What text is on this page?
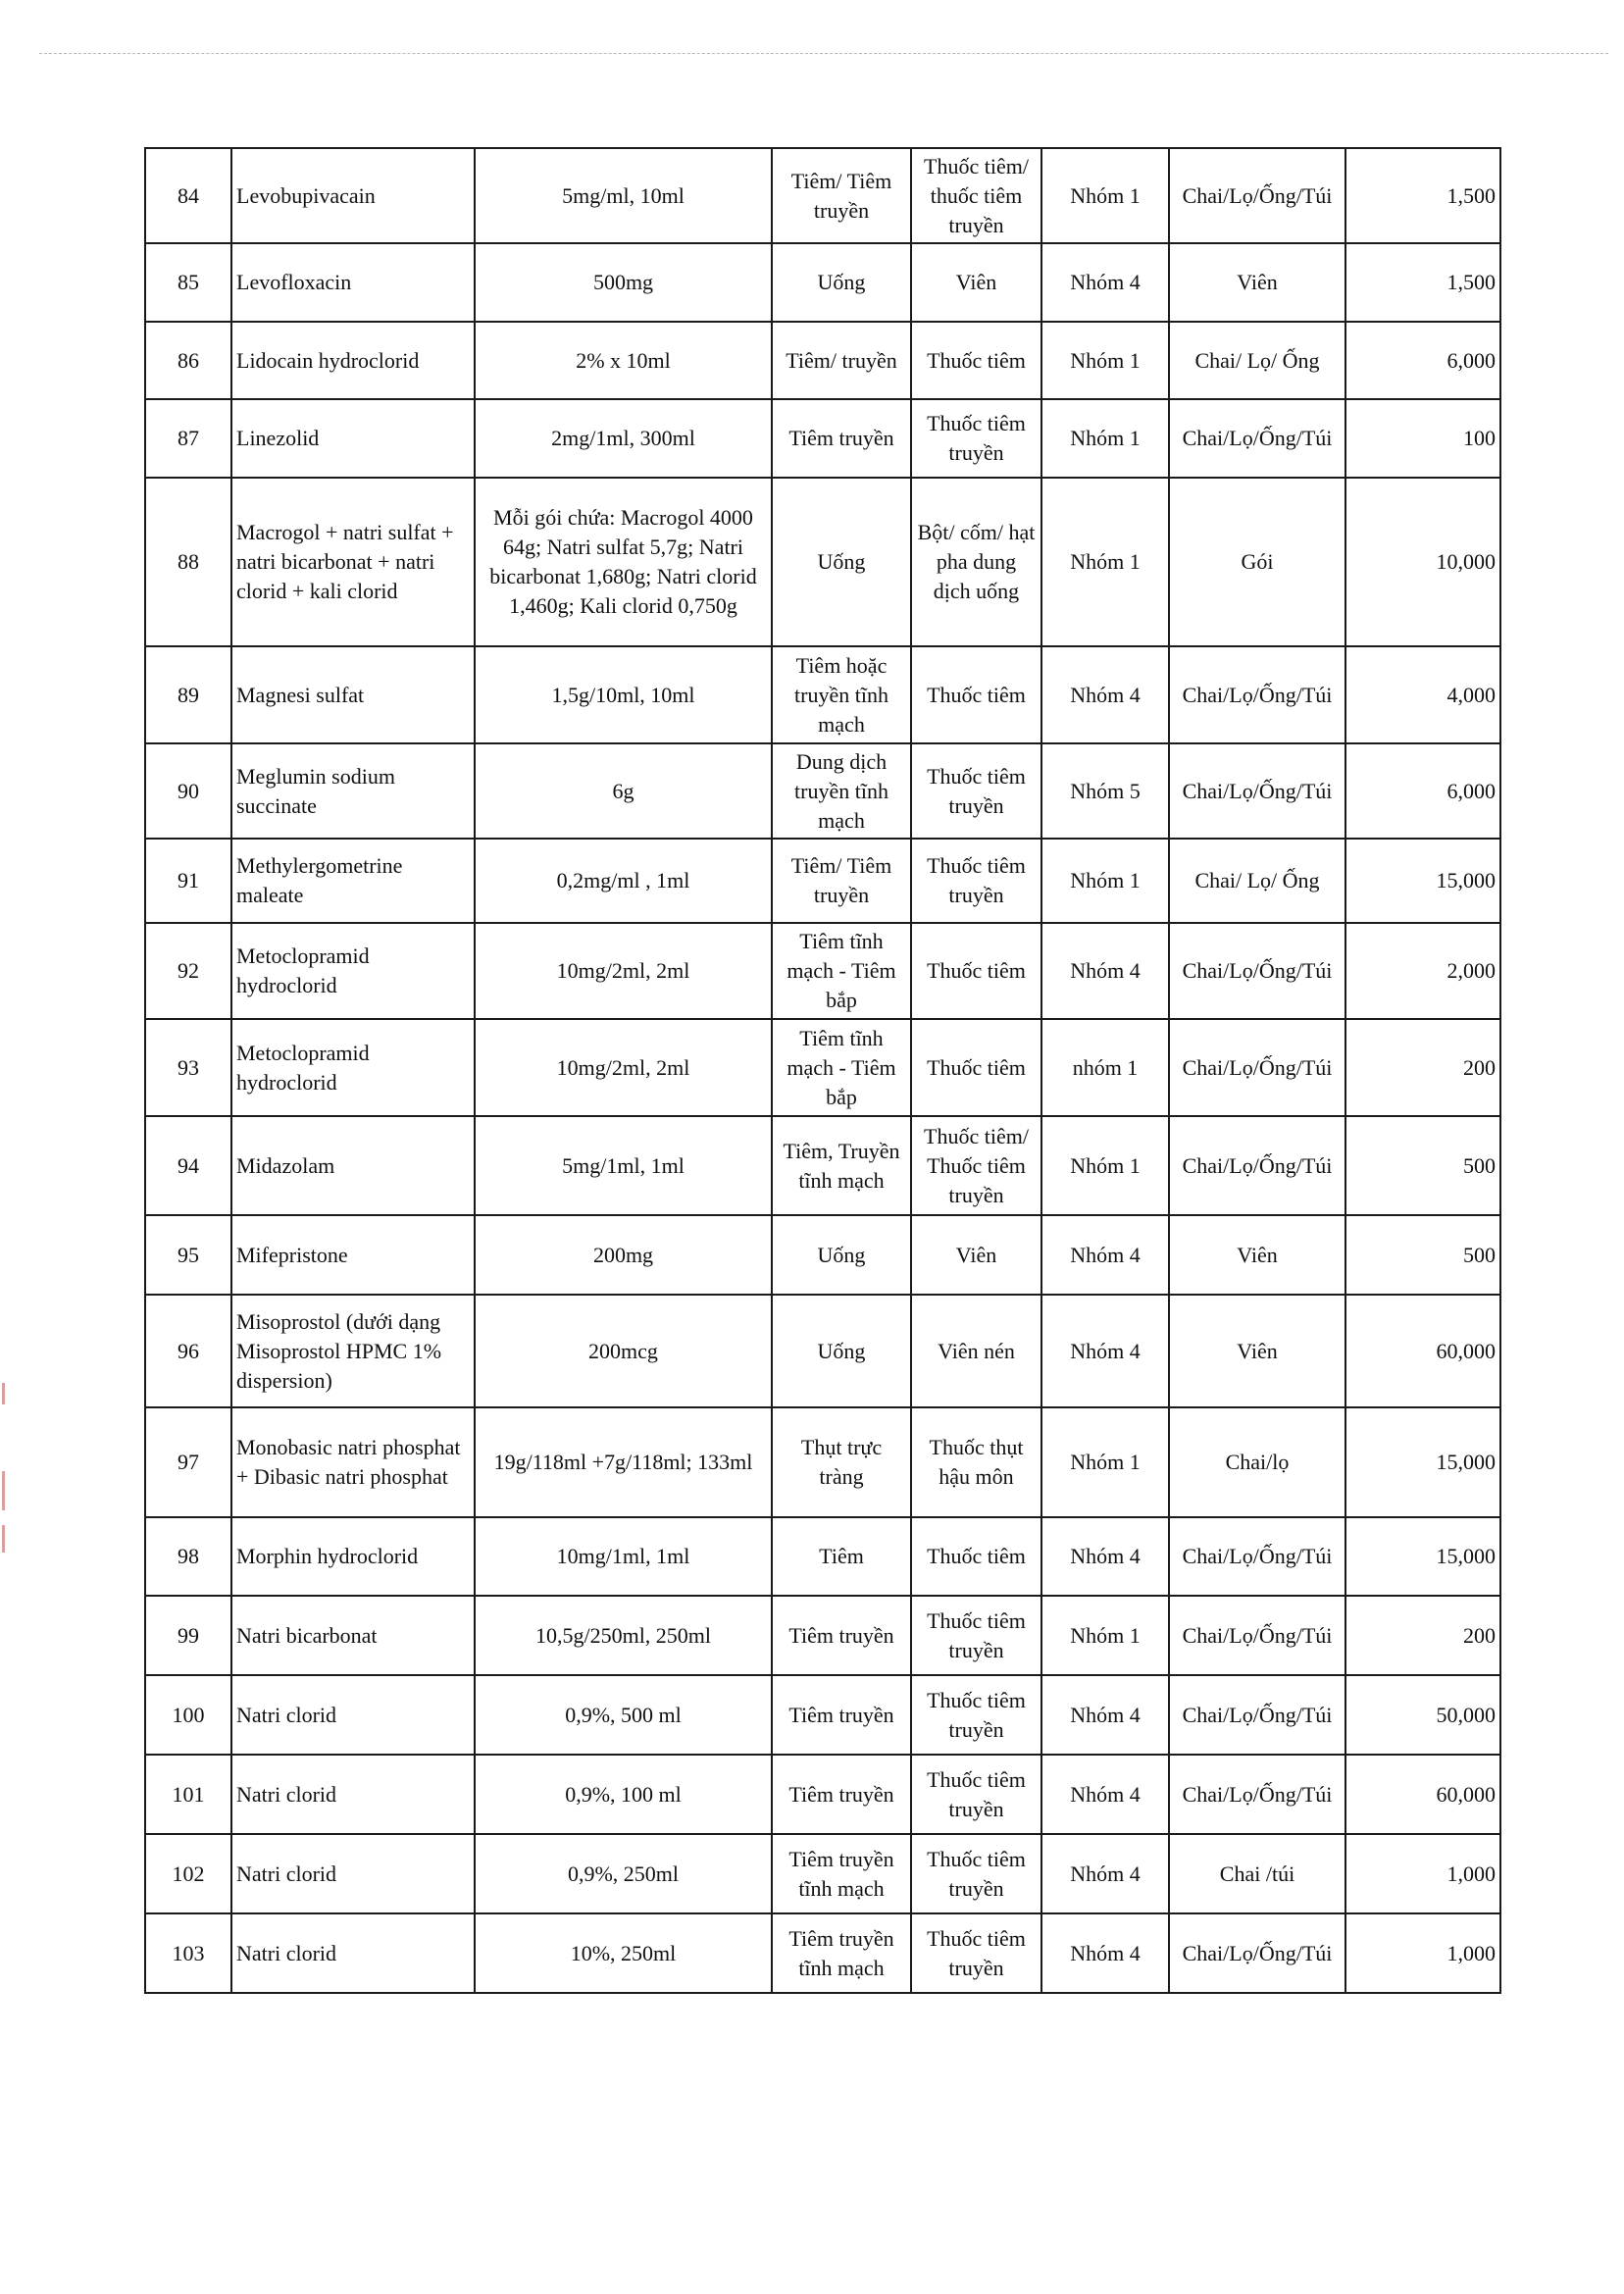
84	Levobupivacain	5mg/ml, 10ml	Tiêm/ Tiêm truyền	Thuốc tiêm/ thuốc tiêm truyền	Nhóm 1	Chai/Lọ/Ống/Túi	1,500
85	Levofloxacin	500mg	Uống	Viên	Nhóm 4	Viên	1,500
86	Lidocain hydroclorid	2% x 10ml	Tiêm/ truyền	Thuốc tiêm	Nhóm 1	Chai/ Lọ/ Ống	6,000
87	Linezolid	2mg/1ml, 300ml	Tiêm truyền	Thuốc tiêm truyền	Nhóm 1	Chai/Lọ/Ống/Túi	100
88	Macrogol + natri sulfat + natri bicarbonat + natri clorid + kali clorid	Mỗi gói chứa: Macrogol 4000 64g; Natri sulfat 5,7g; Natri bicarbonat 1,680g; Natri clorid 1,460g; Kali clorid 0,750g	Uống	Bột/ cốm/ hạt pha dung dịch uống	Nhóm 1	Gói	10,000
89	Magnesi sulfat	1,5g/10ml, 10ml	Tiêm hoặc truyền tĩnh mạch	Thuốc tiêm	Nhóm 4	Chai/Lọ/Ống/Túi	4,000
90	Meglumin sodium succinate	6g	Dung dịch truyền tĩnh mạch	Thuốc tiêm truyền	Nhóm 5	Chai/Lọ/Ống/Túi	6,000
91	Methylergometrine maleate	0,2mg/ml , 1ml	Tiêm/ Tiêm truyền	Thuốc tiêm truyền	Nhóm 1	Chai/ Lọ/ Ống	15,000
92	Metoclopramid hydroclorid	10mg/2ml, 2ml	Tiêm tĩnh mạch - Tiêm bắp	Thuốc tiêm	Nhóm 4	Chai/Lọ/Ống/Túi	2,000
93	Metoclopramid hydroclorid	10mg/2ml, 2ml	Tiêm tĩnh mạch - Tiêm bắp	Thuốc tiêm	nhóm 1	Chai/Lọ/Ống/Túi	200
94	Midazolam	5mg/1ml, 1ml	Tiêm, Truyền tĩnh mạch	Thuốc tiêm/ Thuốc tiêm truyền	Nhóm 1	Chai/Lọ/Ống/Túi	500
95	Mifepristone	200mg	Uống	Viên	Nhóm 4	Viên	500
96	Misoprostol (dưới dạng Misoprostol HPMC 1% dispersion)	200mcg	Uống	Viên nén	Nhóm 4	Viên	60,000
97	Monobasic natri phosphat + Dibasic natri phosphat	19g/118ml +7g/118ml; 133ml	Thụt trực tràng	Thuốc thụt hậu môn	Nhóm 1	Chai/lọ	15,000
98	Morphin hydroclorid	10mg/1ml, 1ml	Tiêm	Thuốc tiêm	Nhóm 4	Chai/Lọ/Ống/Túi	15,000
99	Natri bicarbonat	10,5g/250ml, 250ml	Tiêm truyền	Thuốc tiêm truyền	Nhóm 1	Chai/Lọ/Ống/Túi	200
100	Natri clorid	0,9%, 500 ml	Tiêm truyền	Thuốc tiêm truyền	Nhóm 4	Chai/Lọ/Ống/Túi	50,000
101	Natri clorid	0,9%, 100 ml	Tiêm truyền	Thuốc tiêm truyền	Nhóm 4	Chai/Lọ/Ống/Túi	60,000
102	Natri clorid	0,9%, 250ml	Tiêm truyền tĩnh mạch	Thuốc tiêm truyền	Nhóm 4	Chai /túi	1,000
103	Natri clorid	10%, 250ml	Tiêm truyền tĩnh mạch	Thuốc tiêm truyền	Nhóm 4	Chai/Lọ/Ống/Túi	1,000
